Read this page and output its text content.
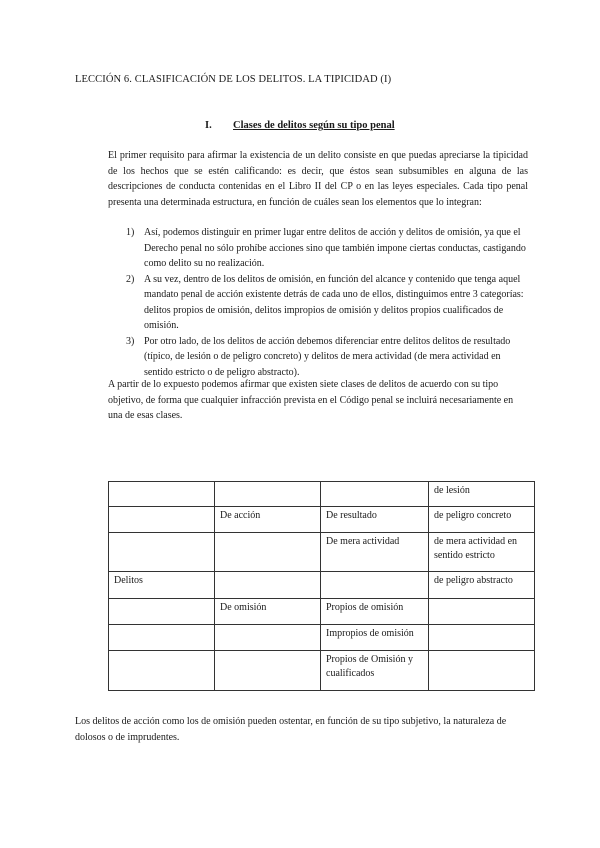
LECCIÓN 6. CLASIFICACIÓN DE LOS DELITOS. LA TIPICIDAD (I)
I. Clases de delitos según su tipo penal

El primer requisito para afirmar la existencia de un delito consiste en que puedas apreciarse la tipicidad de los hechos que se estén calificando: es decir, que éstos sean subsumibles en alguna de las descripciones de conducta contenidas en el Libro II del CP o en las leyes especiales. Cada tipo penal presenta una determinada estructura, en función de cuáles sean los elementos que lo integran:

1) Así, podemos distinguir en primer lugar entre delitos de acción y delitos de omisión, ya que el Derecho penal no sólo prohíbe acciones sino que también impone ciertas conductas, castigando como delito su no realización.
2) A su vez, dentro de los delitos de omisión, en función del alcance y contenido que tenga aquel mandato penal de acción existente detrás de cada uno de ellos, distinguimos entre 3 categorías: delitos propios de omisión, delitos impropios de omisión y delitos propios cualificados de omisión.
3) Por otro lado, de los delitos de acción debemos diferenciar entre delitos delitos de resultado (típico, de lesión o de peligro concreto) y delitos de mera actividad (de mera actividad en sentido estricto o de peligro abstracto).

A partir de lo expuesto podemos afirmar que existen siete clases de delitos de acuerdo con su tipo objetivo, de forma que cualquier infracción prevista en el Código penal se incluirá necesariamente en una de esas clases.

			de lesión
	De acción	De resultado	de peligro concreto
		De mera actividad	de mera actividad en sentido estricto
Delitos			de peligro abstracto
	De omisión	Propios de omisión	
		Impropios de omisión	
		Propios de Omisión y cualificados	

Los delitos de acción como los de omisión pueden ostentar, en función de su tipo subjetivo, la naturaleza de dolosos o de imprudentes.
